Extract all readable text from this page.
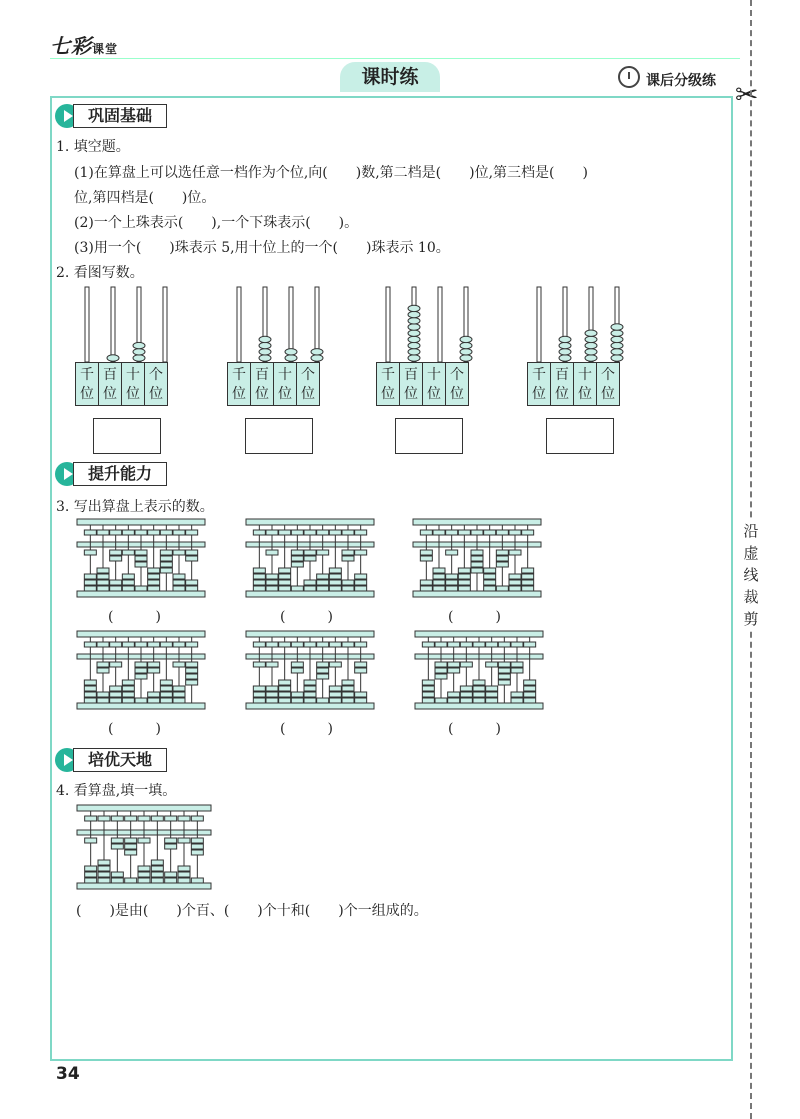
七彩课堂
课时练	课后分级练 ✂
沿虚线裁剪
巩固基础
1. 填空题。
(1)在算盘上可以选任意一档作为个位,向(　　)数,第二档是(　　)位,第三档是(　　)
位,第四档是(　　)位。
(2)一个上珠表示(　　),一个下珠表示(　　)。
(3)用一个(　　)珠表示 5,用十位上的一个(　　)珠表示 10。
2. 看图写数。
千
位
百
位
十
位
个
位
千
位
百
位
十
位
个
位
千
位
百
位
十
位
个
位
千
位
百
位
十
位
个
位
提升能力
3. 写出算盘上表示的数。
(　　　)	(　　　)	(　　　)
(　　　)	(　　　)	(　　　)
培优天地
4. 看算盘,填一填。
(　　)是由(　　)个百、(　　)个十和(　　)个一组成的。
34
